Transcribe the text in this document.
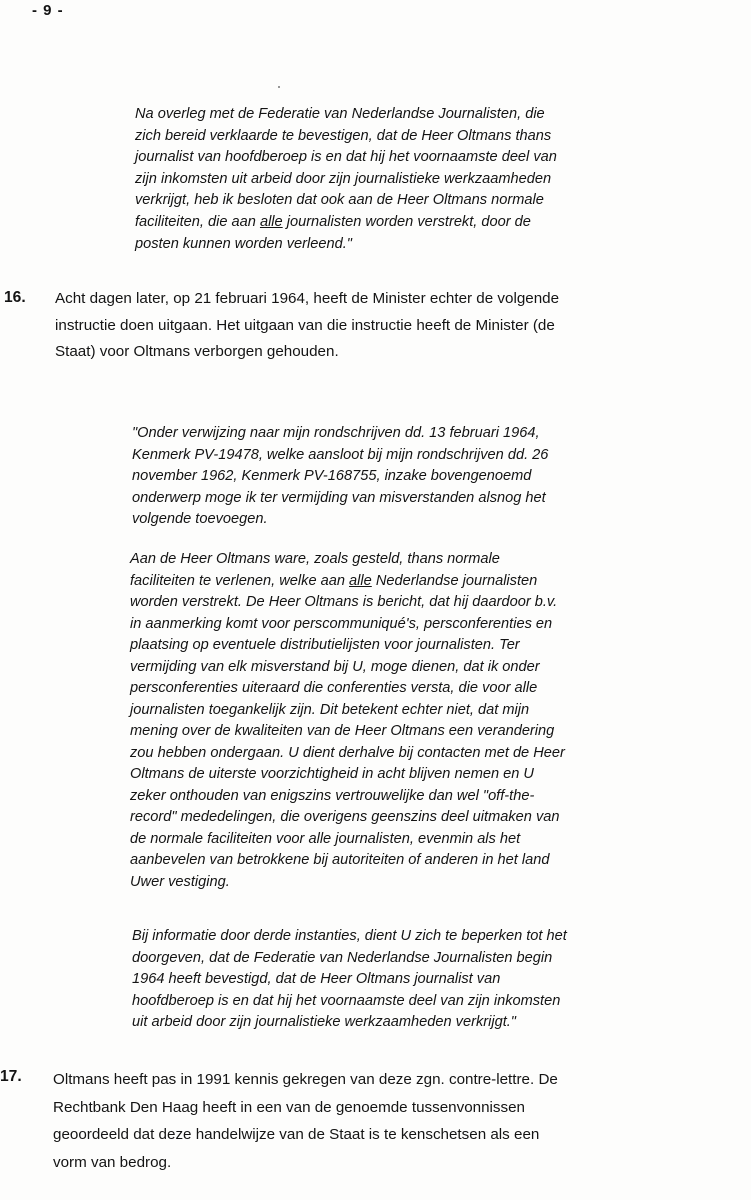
- 9 -
Na overleg met de Federatie van Nederlandse Journalisten, die
zich bereid verklaarde te bevestigen, dat de Heer Oltmans thans
journalist van hoofdberoep is en dat hij het voornaamste deel van
zijn inkomsten uit arbeid door zijn journalistieke werkzaamheden
verkrijgt, heb ik besloten dat ook aan de Heer Oltmans normale
faciliteiten, die aan alle journalisten worden verstrekt, door de
posten kunnen worden verleend."
16. Acht dagen later, op 21 februari 1964, heeft de Minister echter de volgende
instructie doen uitgaan. Het uitgaan van die instructie heeft de Minister (de
Staat) voor Oltmans verborgen gehouden.
"Onder verwijzing naar mijn rondschrijven dd. 13 februari 1964,
Kenmerk PV-19478, welke aansloot bij mijn rondschrijven dd. 26
november 1962, Kenmerk PV-168755, inzake bovengenoemd
onderwerp moge ik ter vermijding van misverstanden alsnog het
volgende toevoegen.
Aan de Heer Oltmans ware, zoals gesteld, thans normale
faciliteiten te verlenen, welke aan alle Nederlandse journalisten
worden verstrekt. De Heer Oltmans is bericht, dat hij daardoor b.v.
in aanmerking komt voor perscommuniqué's, persconferenties en
plaatsing op eventuele distributielijsten voor journalisten. Ter
vermijding van elk misverstand bij U, moge dienen, dat ik onder
persconferenties uiteraard die conferenties versta, die voor alle
journalisten toegankelijk zijn. Dit betekent echter niet, dat mijn
mening over de kwaliteiten van de Heer Oltmans een verandering
zou hebben ondergaan. U dient derhalve bij contacten met de Heer
Oltmans de uiterste voorzichtigheid in acht blijven nemen en U
zeker onthouden van enigszins vertrouwelijke dan wel "off-the-
record" mededelingen, die overigens geenszins deel uitmaken van
de normale faciliteiten voor alle journalisten, evenmin als het
aanbevelen van betrokkene bij autoriteiten of anderen in het land
Uwer vestiging.
Bij informatie door derde instanties, dient U zich te beperken tot het
doorgeven, dat de Federatie van Nederlandse Journalisten begin
1964 heeft bevestigd, dat de Heer Oltmans journalist van
hoofdberoep is en dat hij het voornaamste deel van zijn inkomsten
uit arbeid door zijn journalistieke werkzaamheden verkrijgt."
17. Oltmans heeft pas in 1991 kennis gekregen van deze zgn. contre-lettre. De
Rechtbank Den Haag heeft in een van de genoemde tussenvonnissen
geoordeeld dat deze handelwijze van de Staat is te kenschetsen als een
vorm van bedrog.
